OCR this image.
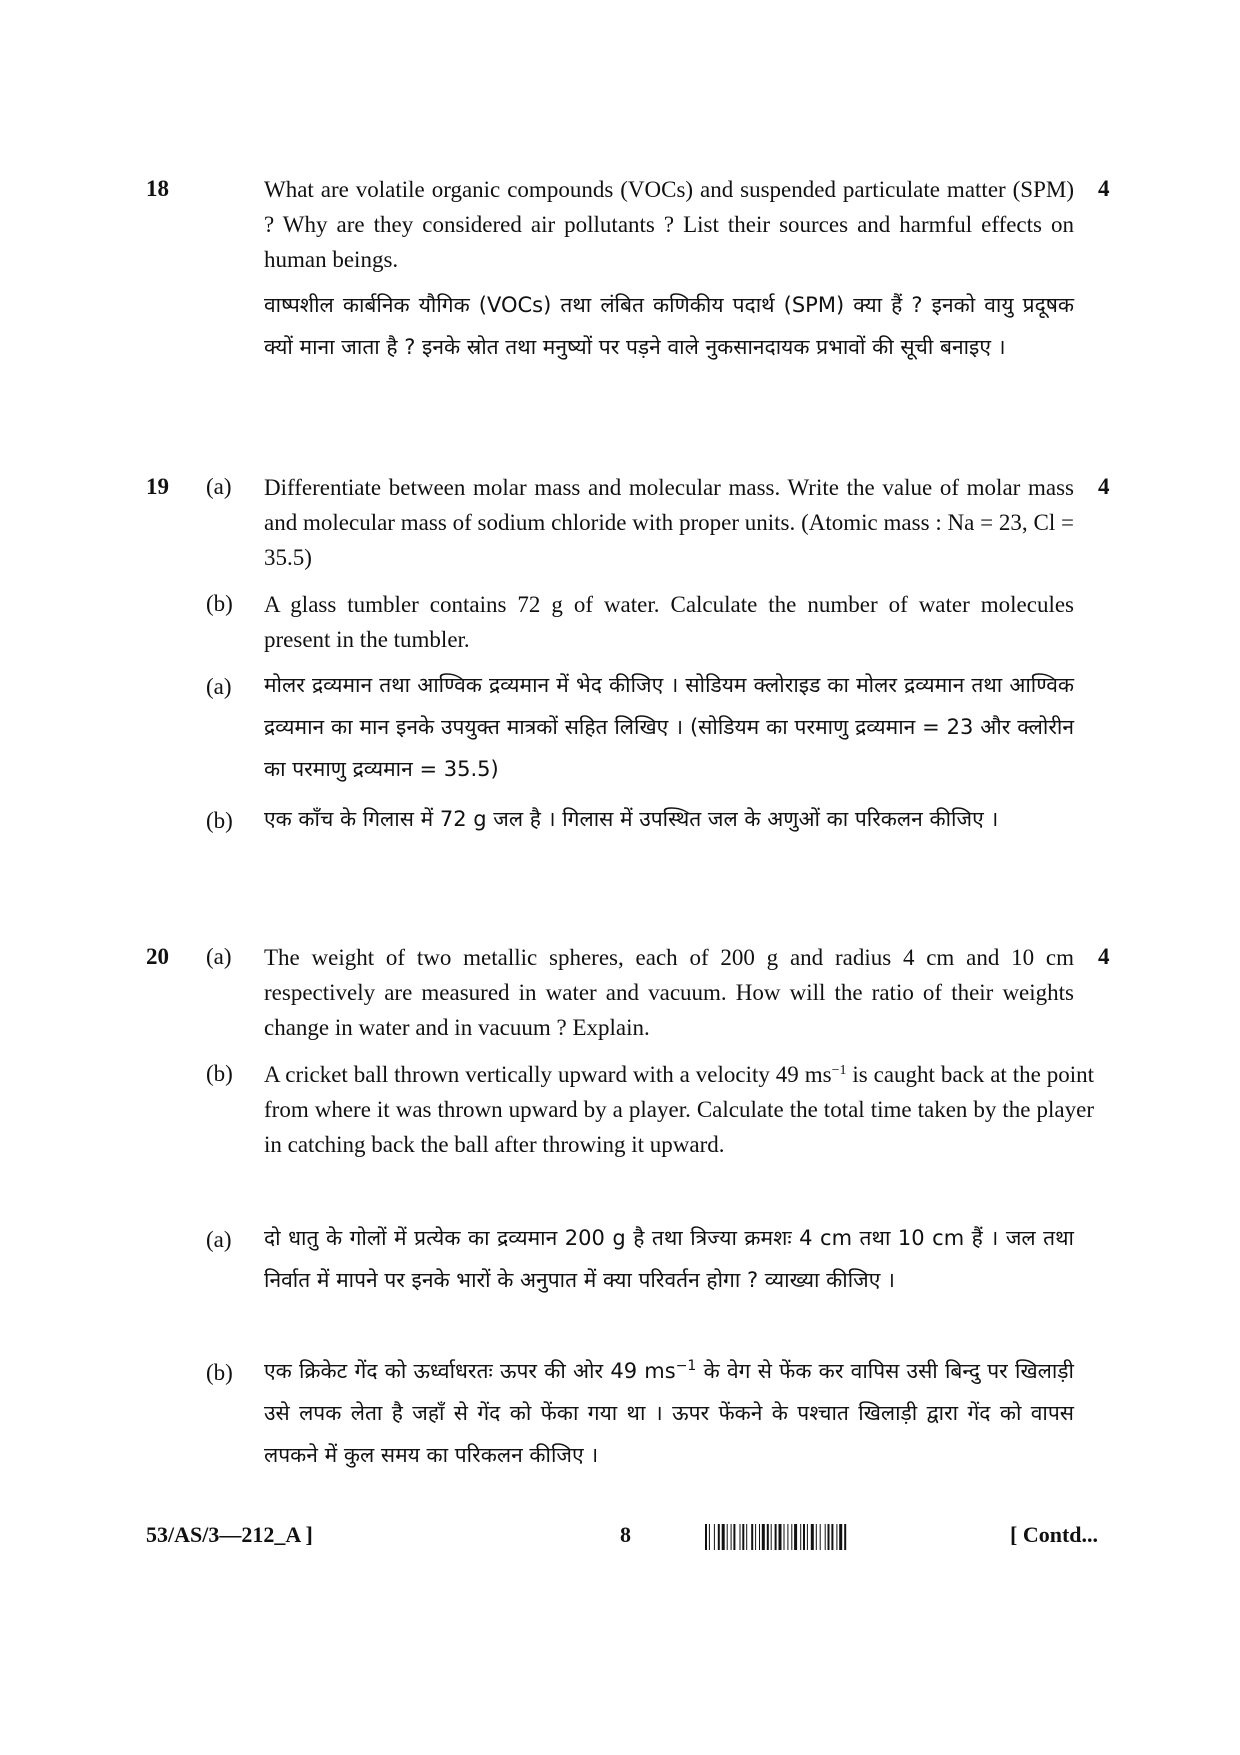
18	4
What are volatile organic compounds (VOCs) and suspended particulate matter (SPM) ? Why are they considered air pollutants ? List their sources and harmful effects on human beings.
वाष्पशील कार्बनिक यौगिक (VOCs) तथा लंबित कणिकीय पदार्थ (SPM) क्या हैं ? इनको वायु प्रदूषक क्यों माना जाता है ? इनके स्रोत तथा मनुष्यों पर पड़ने वाले नुकसानदायक प्रभावों की सूची बनाइए ।
19	4
(a) Differentiate between molar mass and molecular mass. Write the value of molar mass and molecular mass of sodium chloride with proper units. (Atomic mass : Na = 23, Cl = 35.5)
(b) A glass tumbler contains 72 g of water. Calculate the number of water molecules present in the tumbler.
(a) मोलर द्रव्यमान तथा आण्विक द्रव्यमान में भेद कीजिए । सोडियम क्लोराइड का मोलर द्रव्यमान तथा आण्विक द्रव्यमान का मान इनके उपयुक्त मात्रकों सहित लिखिए । (सोडियम का परमाणु द्रव्यमान = 23 और क्लोरीन का परमाणु द्रव्यमान = 35.5)
(b) एक काँच के गिलास में 72 g जल है । गिलास में उपस्थित जल के अणुओं का परिकलन कीजिए ।
20	4
(a) The weight of two metallic spheres, each of 200 g and radius 4 cm and 10 cm respectively are measured in water and vacuum. How will the ratio of their weights change in water and in vacuum ? Explain.
(b) A cricket ball thrown vertically upward with a velocity 49 $ms^{-1}$ is caught back at the point from where it was thrown upward by a player. Calculate the total time taken by the player in catching back the ball after throwing it upward.
(a) दो धातु के गोलों में प्रत्येक का द्रव्यमान 200 g है तथा त्रिज्या क्रमशः 4 cm तथा 10 cm हैं । जल तथा निर्वात में मापने पर इनके भारों के अनुपात में क्या परिवर्तन होगा ? व्याख्या कीजिए ।
(b) एक क्रिकेट गेंद को ऊर्ध्वाधरतः ऊपर की ओर 49 $ms^{-1}$ के वेग से फेंक कर वापिस उसी बिन्दु पर खिलाड़ी उसे लपक लेता है जहाँ से गेंद को फेंका गया था । ऊपर फेंकने के पश्चात खिलाड़ी द्वारा गेंद को वापस लपकने में कुल समय का परिकलन कीजिए ।
53/AS/3—212_A ]	8	[ Contd...
